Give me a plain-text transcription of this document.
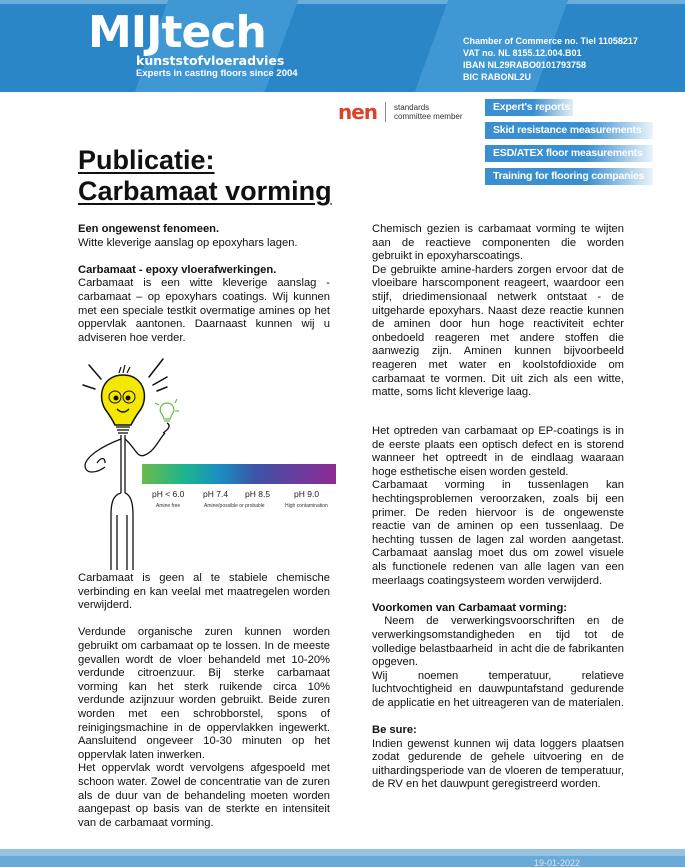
MIJtech
kunststofvloeradvies
Experts in casting floors since 2004
Chamber of Commerce no. Tiel 11058217
VAT no. NL 8155.12.004.B01
IBAN NL29RABO0101793758
BIC RABONL2U
nen standards
committee member
Expert's reports
Skid resistance measurements
ESD/ATEX floor measurements
Training for flooring companies
Publicatie:
Carbamaat vorming

Een ongewenst fenomeen.

Witte kleverige aanslag op epoxyhars lagen.

Carbamaat - epoxy vloerafwerkingen.

Carbamaat is een witte kleverige aanslag - carbamaat – op epoxyhars coatings. Wij kunnen met een speciale testkit overmatige amines op het oppervlak aantonen. Daarnaast kunnen wij u adviseren hoe verder.

pH < 6.0 pH 7.4 pH 8.5	pH 9.0
Amine free	Amine/possible or probable	High contamination

Carbamaat is geen al te stabiele chemische verbinding en kan veelal met maatregelen worden verwijderd.

Verdunde organische zuren kunnen worden gebruikt om carbamaat op te lossen. In de meeste gevallen wordt de vloer behandeld met 10-20% verdunde citroenzuur. Bij sterke carbamaat vorming kan het sterk ruikende circa 10% verdunde azijnzuur worden gebruikt. Beide zuren worden met een schrobborstel, spons of reinigingsmachine in de oppervlakken ingewerkt. Aansluitend ongeveer 10-30 minuten op het oppervlak laten inwerken.

Het oppervlak wordt vervolgens afgespoeld met schoon water. Zowel de concentratie van de zuren als de duur van de behandeling moeten worden aangepast op basis van de sterkte en intensiteit van de carbamaat vorming.

Chemisch gezien is carbamaat vorming te wijten aan de reactieve componenten die worden gebruikt in epoxyharscoatings.

De gebruikte amine-harders zorgen ervoor dat de vloeibare harscomponent reageert, waardoor een stijf, driedimensionaal netwerk ontstaat - de uitgeharde epoxyhars. Naast deze reactie kunnen de aminen door hun hoge reactiviteit echter onbedoeld reageren met andere stoffen die aanwezig zijn. Aminen kunnen bijvoorbeeld reageren met water en koolstofdioxide om carbamaat te vormen. Dit uit zich als een witte, matte, soms licht kleverige laag.

Het optreden van carbamaat op EP-coatings is in de eerste plaats een optisch defect en is storend wanneer het optreedt in de eindlaag waaraan hoge esthetische eisen worden gesteld.

Carbamaat vorming in tussenlagen kan hechtingsproblemen veroorzaken, zoals bij een primer. De reden hiervoor is de ongewenste reactie van de aminen op een tussenlaag. De hechting tussen de lagen zal worden aangetast. Carbamaat aanslag moet dus om zowel visuele als functionele redenen van alle lagen van een meerlaags coatingsysteem worden verwijderd.

Voorkomen van Carbamaat vorming:

Neem de verwerkingsvoorschriften en de verwerkingsomstandigheden en tijd tot de volledige belastbaarheid  in acht die de fabrikanten opgeven.

Wij noemen temperatuur, relatieve luchtvochtigheid en dauwpuntafstand gedurende de applicatie en het uitreageren van de materialen.

Be sure:

Indien gewenst kunnen wij data loggers plaatsen zodat gedurende de gehele uitvoering en de uithardingsperiode van de vloeren de temperatuur, de RV en het dauwpunt geregistreerd worden.

19-01-2022
